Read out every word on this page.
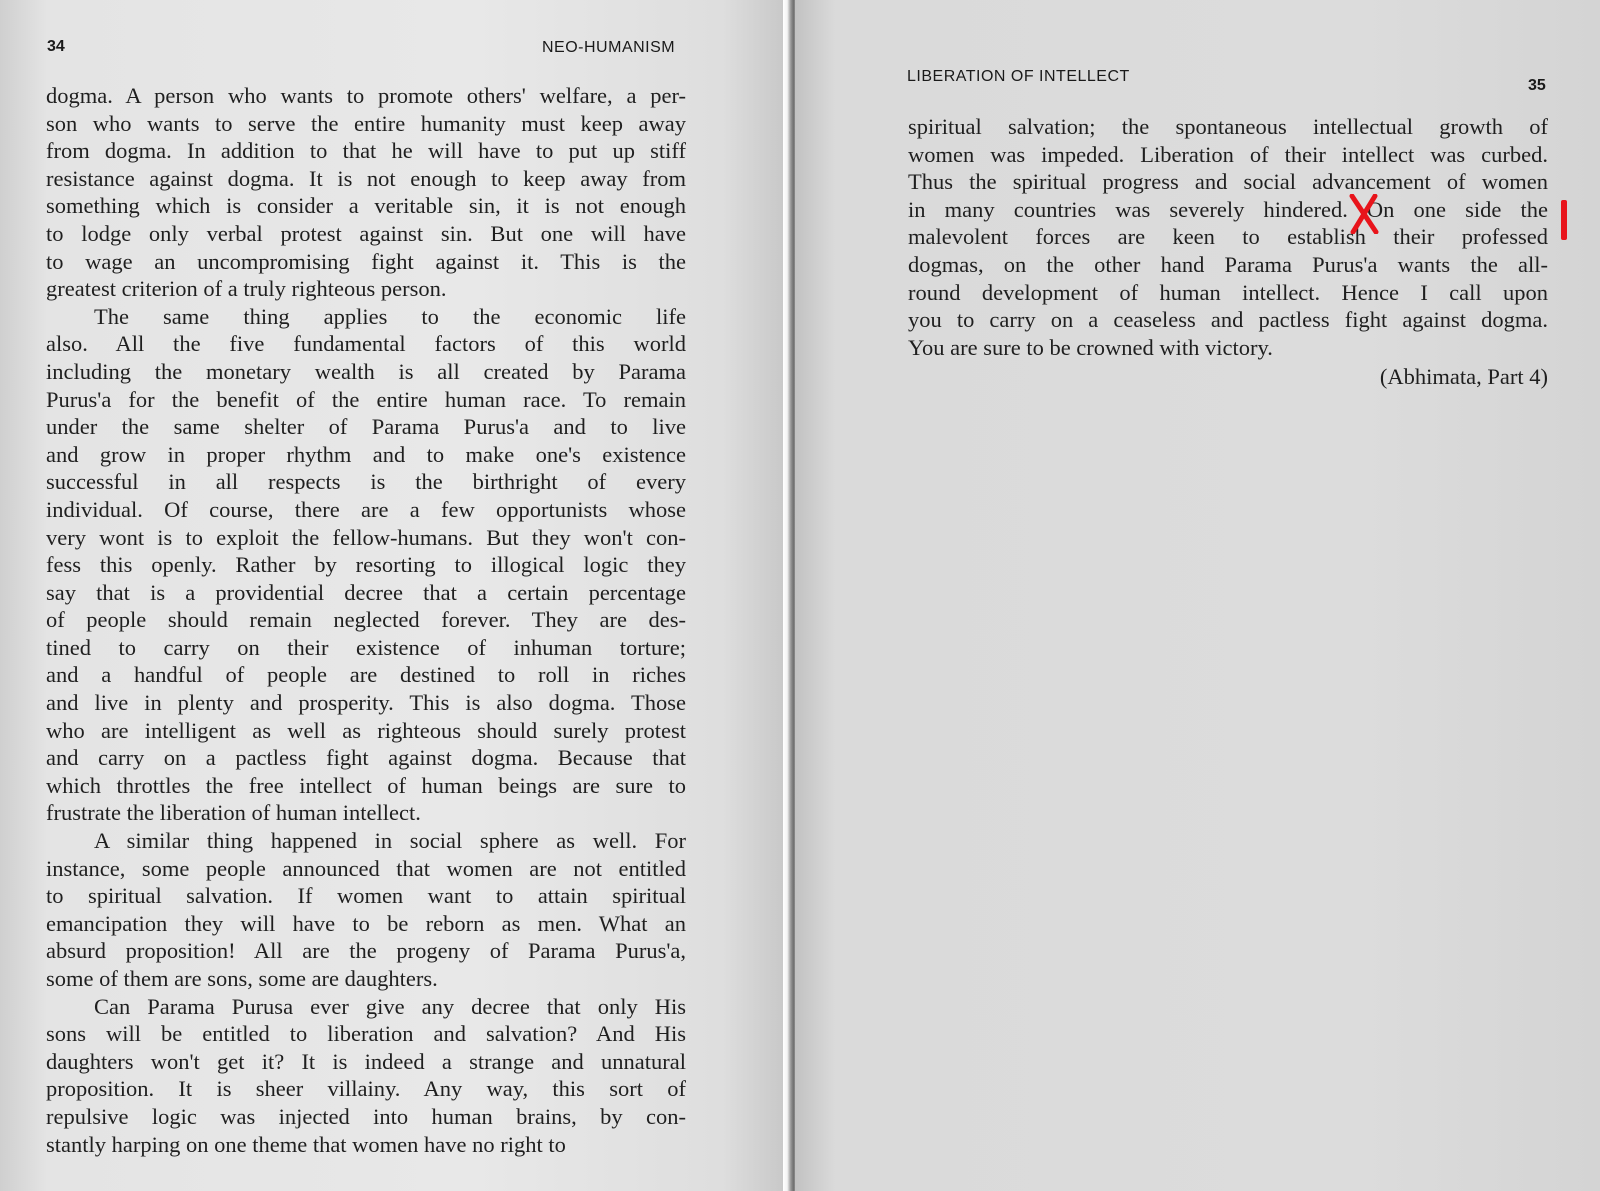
34	NEO-HUMANISM
dogma. A person who wants to promote others' welfare, a per-
son who wants to serve the entire humanity must keep away
from dogma. In addition to that he will have to put up stiff
resistance against dogma. It is not enough to keep away from
something which is consider a veritable sin, it is not enough
to lodge only verbal protest against sin. But one will have
to wage an uncompromising fight against it. This is the
greatest criterion of a truly righteous person.
The same thing applies to the economic life
also. All the five fundamental factors of this world
including the monetary wealth is all created by Parama
Purus'a for the benefit of the entire human race. To remain
under the same shelter of Parama Purus'a and to live
and grow in proper rhythm and to make one's existence
successful in all respects is the birthright of every
individual. Of course, there are a few opportunists whose
very wont is to exploit the fellow-humans. But they won't con-
fess this openly. Rather by resorting to illogical logic they
say that is a providential decree that a certain percentage
of people should remain neglected forever. They are des-
tined to carry on their existence of inhuman torture;
and a handful of people are destined to roll in riches
and live in plenty and prosperity. This is also dogma. Those
who are intelligent as well as righteous should surely protest
and carry on a pactless fight against dogma. Because that
which throttles the free intellect of human beings are sure to
frustrate the liberation of human intellect.
A similar thing happened in social sphere as well. For
instance, some people announced that women are not entitled
to spiritual salvation. If women want to attain spiritual
emancipation they will have to be reborn as men. What an
absurd proposition! All are the progeny of Parama Purus'a,
some of them are sons, some are daughters.
Can Parama Purusa ever give any decree that only His
sons will be entitled to liberation and salvation? And His
daughters won't get it? It is indeed a strange and unnatural
proposition. It is sheer villainy. Any way, this sort of
repulsive logic was injected into human brains, by con-
stantly harping on one theme that women have no right to
LIBERATION OF INTELLECT
35
spiritual salvation; the spontaneous intellectual growth of
women was impeded. Liberation of their intellect was curbed.
Thus the spiritual progress and social advancement of women
in many countries was severely hindered. On one side the
malevolent forces are keen to establish their professed
dogmas, on the other hand Parama Purus'a wants the all-
round development of human intellect. Hence I call upon
you to carry on a ceaseless and pactless fight against dogma.
You are sure to be crowned with victory.
(Abhimata, Part 4)
